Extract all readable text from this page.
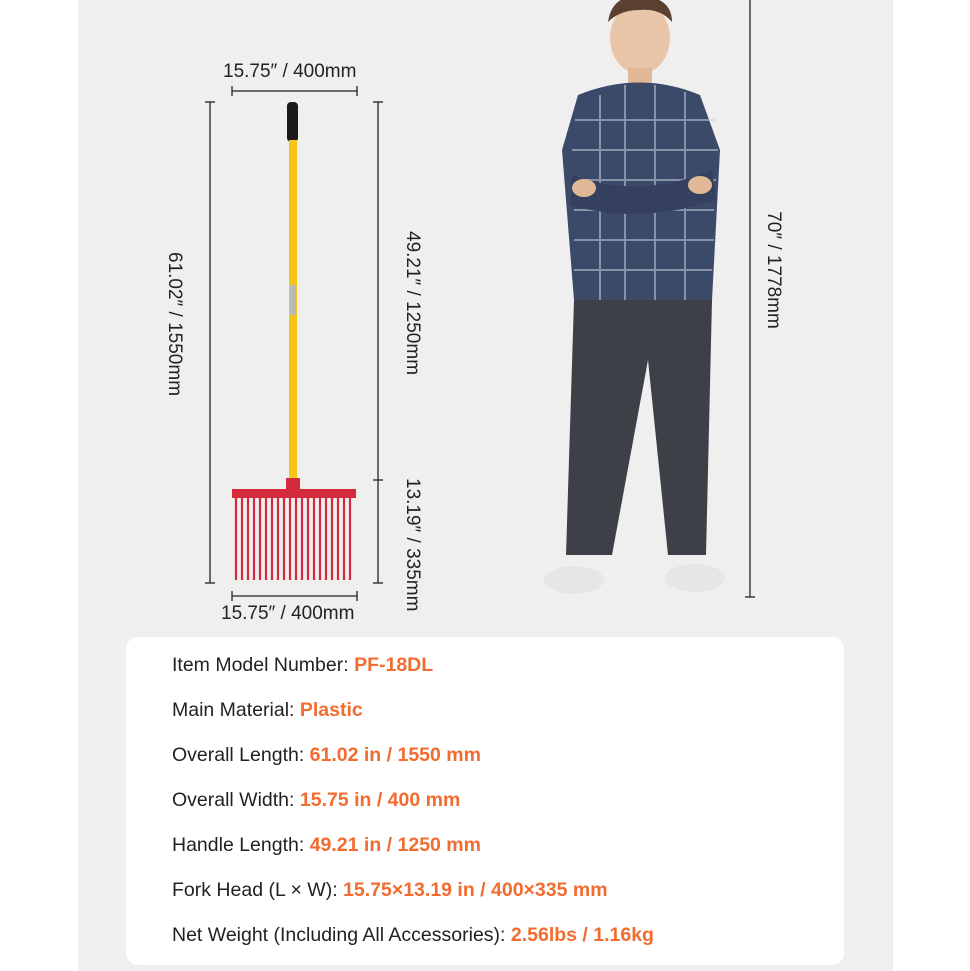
15.75″ / 400mm
15.75″ / 400mm
61.02″ / 1550mm	49.21″ / 1250mm
13.19″ / 335mm
70″ / 1778mm
Item Model Number: PF-18DL
Main Material: Plastic
Overall Length: 61.02 in / 1550 mm
Overall Width: 15.75 in / 400 mm
Handle Length: 49.21 in / 1250 mm
Fork Head (L × W): 15.75×13.19 in / 400×335 mm
Net Weight (Including All Accessories): 2.56lbs / 1.16kg
